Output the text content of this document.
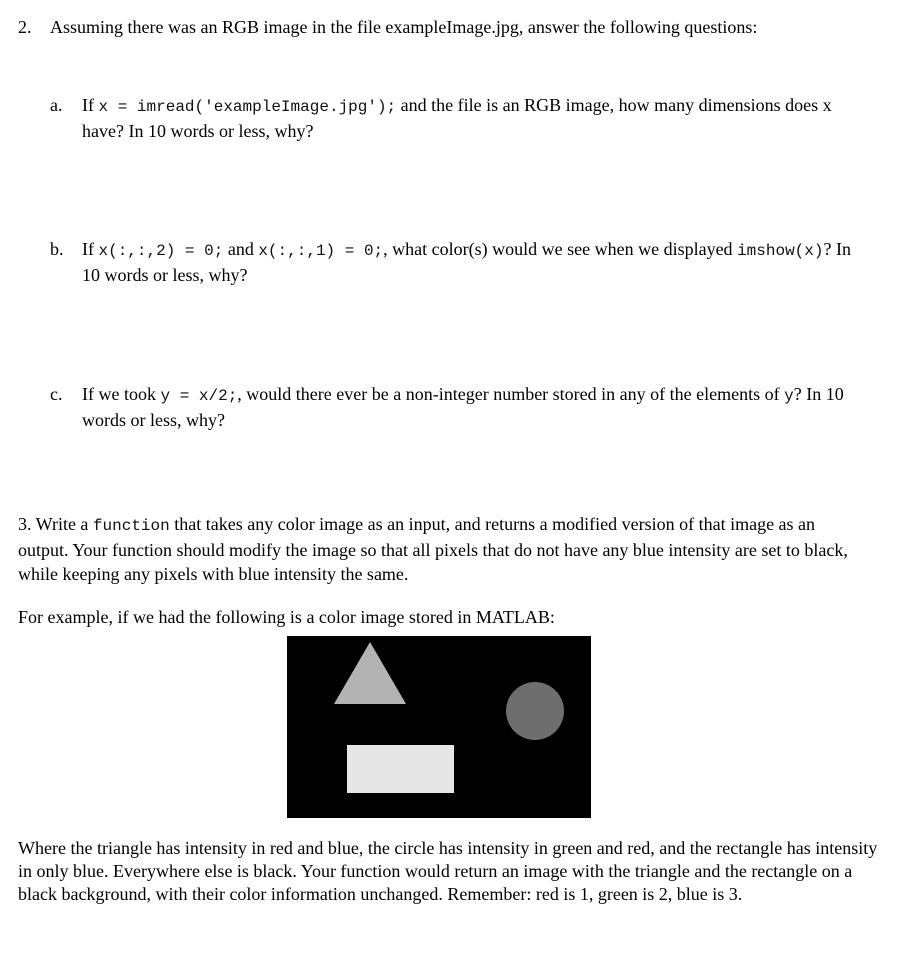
2. Assuming there was an RGB image in the file exampleImage.jpg, answer the following questions:
a.	If x = imread('exampleImage.jpg'); and the file is an RGB image, how many dimensions does x have? In 10 words or less, why?
b.	If x(:,:,2) = 0; and x(:,:,1) = 0;, what color(s) would we see when we displayed imshow(x)? In 10 words or less, why?
c.	If we took y = x/2;, would there ever be a non-integer number stored in any of the elements of y? In 10 words or less, why?
3. Write a function that takes any color image as an input, and returns a modified version of that image as an output. Your function should modify the image so that all pixels that do not have any blue intensity are set to black, while keeping any pixels with blue intensity the same.
For example, if we had the following is a color image stored in MATLAB:
Where the triangle has intensity in red and blue, the circle has intensity in green and red, and the rectangle has intensity in only blue. Everywhere else is black. Your function would return an image with the triangle and the rectangle on a black background, with their color information unchanged. Remember: red is 1, green is 2, blue is 3.
